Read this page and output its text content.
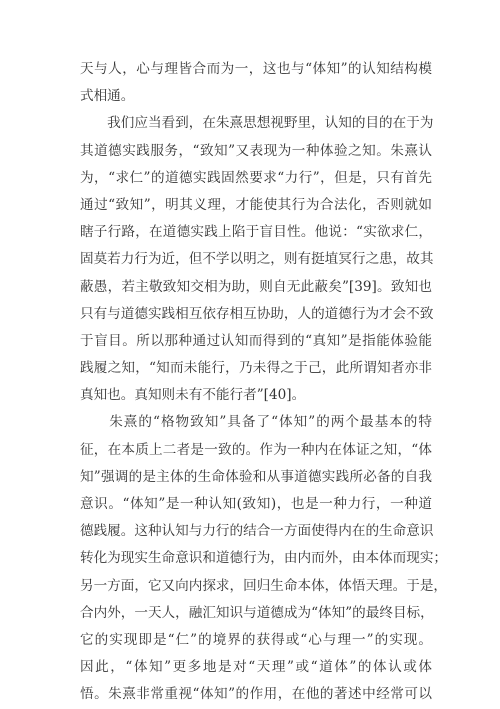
天与人，心与理皆合而为一，这也与“体知”的认知结构模
式相通。
　　我们应当看到，在朱熹思想视野里，认知的目的在于为
其道德实践服务，“致知”又表现为一种体验之知。朱熹认
为，“求仁”的道德实践固然要求“力行”，但是，只有首先
通过“致知”，明其义理，才能使其行为合法化，否则就如
瞎子行路，在道德实践上陷于盲目性。他说：“实欲求仁，
固莫若力行为近，但不学以明之，则有挺埴冥行之患，故其
蔽愚，若主敬致知交相为助，则自无此蔽矣”[39]。致知也
只有与道德实践相互依存相互协助，人的道德行为才会不致
于盲目。所以那种通过认知而得到的“真知”是指能体验能
践履之知，“知而未能行，乃未得之于己，此所谓知者亦非
真知也。真知则未有不能行者”[40]。
　　朱熹的“格物致知”具备了“体知”的两个最基本的特
征，在本质上二者是一致的。作为一种内在体证之知，“体
知”强调的是主体的生命体验和从事道德实践所必备的自我
意识。“体知”是一种认知(致知)，也是一种力行，一种道
德践履。这种认知与力行的结合一方面使得内在的生命意识
转化为现实生命意识和道德行为，由内而外，由本体而现实；
另一方面，它又向内探求，回归生命本体，体悟天理。于是，
合内外，一天人，融汇知识与道德成为“体知”的最终目标，
它的实现即是“仁”的境界的获得或“心与理一”的实现。
因此，“体知”更多地是对“天理”或“道体”的体认或体
悟。朱熹非常重视“体知”的作用，在他的著述中经常可以
